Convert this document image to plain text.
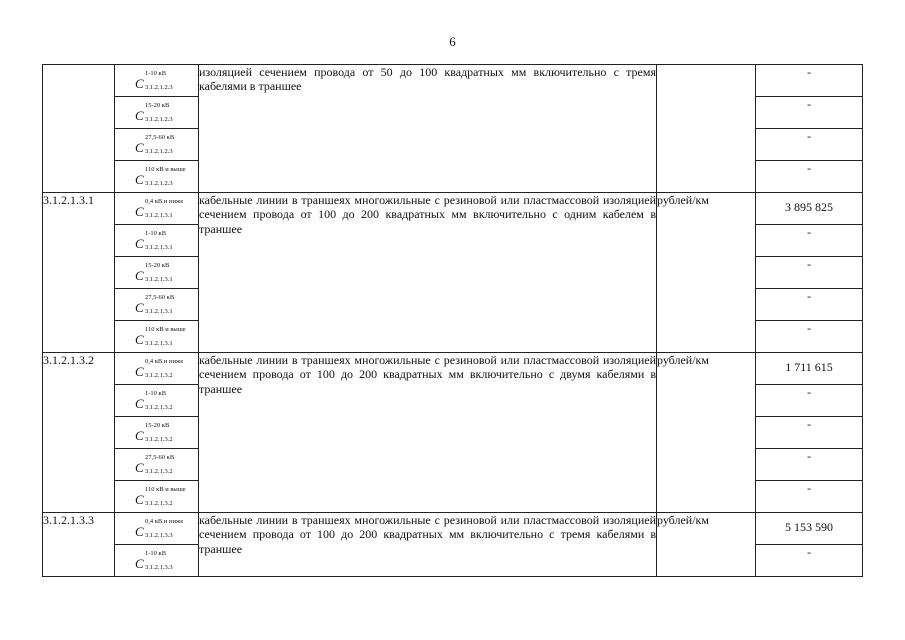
6

	C
1-10 кВ
3.1.2.1.2.3	изоляцией сечением провода от 50 до 100 квадратных мм включительно с тремя кабелями в траншее		-

	C
15-20 кВ
3.1.2.1.2.3			-

	C
27,5-60 кВ
3.1.2.1.2.3			-

	C
110 кВ и выше
3.1.2.1.2.3			-
3.1.2.1.3.1	C
0,4 кВ и ниже
3.1.2.1.3.1	кабельные линии в траншеях многожильные с резиновой или пластмассовой изоляцией сечением провода от 100 до 200 квадратных мм включительно с одним кабелем в траншее	рублей/км	3 895 825

	C
1-10 кВ
3.1.2.1.3.1			-

	C
15-20 кВ
3.1.2.1.3.1			-

	C
27,5-60 кВ
3.1.2.1.3.1			-

	C
110 кВ и выше
3.1.2.1.3.1			-
3.1.2.1.3.2	C
0,4 кВ и ниже
3.1.2.1.3.2	кабельные линии в траншеях многожильные с резиновой или пластмассовой изоляцией сечением провода от 100 до 200 квадратных мм включительно с двумя кабелями в траншее	рублей/км	1 711 615

	C
1-10 кВ
3.1.2.1.3.2			-

	C
15-20 кВ
3.1.2.1.3.2			-

	C
27,5-60 кВ
3.1.2.1.3.2			-

	C
110 кВ и выше
3.1.2.1.3.2			-
3.1.2.1.3.3	C
0,4 кВ и ниже
3.1.2.1.3.3	кабельные линии в траншеях многожильные с резиновой или пластмассовой изоляцией сечением провода от 100 до 200 квадратных мм включительно с тремя кабелями в траншее	рублей/км	5 153 590

	C
1-10 кВ
3.1.2.1.3.3			-
